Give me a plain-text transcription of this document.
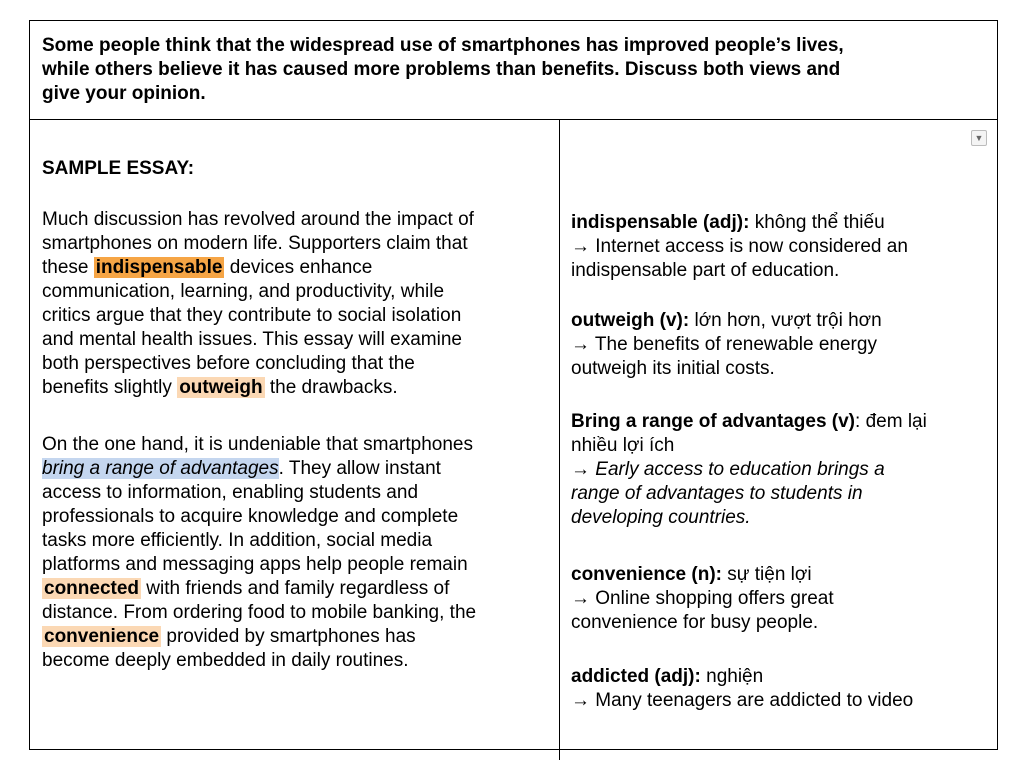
Some people think that the widespread use of smartphones has improved people’s lives,
while others believe it has caused more problems than benefits. Discuss both views and
give your opinion.
SAMPLE ESSAY:
Much discussion has revolved around the impact of
smartphones on modern life. Supporters claim that
these indispensable devices enhance
communication, learning, and productivity, while
critics argue that they contribute to social isolation
and mental health issues. This essay will examine
both perspectives before concluding that the
benefits slightly outweigh the drawbacks.
On the one hand, it is undeniable that smartphones
bring a range of advantages. They allow instant
access to information, enabling students and
professionals to acquire knowledge and complete
tasks more efficiently. In addition, social media
platforms and messaging apps help people remain
connected with friends and family regardless of
distance. From ordering food to mobile banking, the
convenience provided by smartphones has
become deeply embedded in daily routines.
▼
indispensable (adj): không thể thiếu
→ Internet access is now considered an
indispensable part of education.
outweigh (v): lớn hơn, vượt trội hơn
→ The benefits of renewable energy
outweigh its initial costs.
Bring a range of advantages (v): đem lại
nhiều lợi ích
→ Early access to education brings a
range of advantages to students in
developing countries.
convenience (n): sự tiện lợi
→ Online shopping offers great
convenience for busy people.
addicted (adj): nghiện
→ Many teenagers are addicted to video
